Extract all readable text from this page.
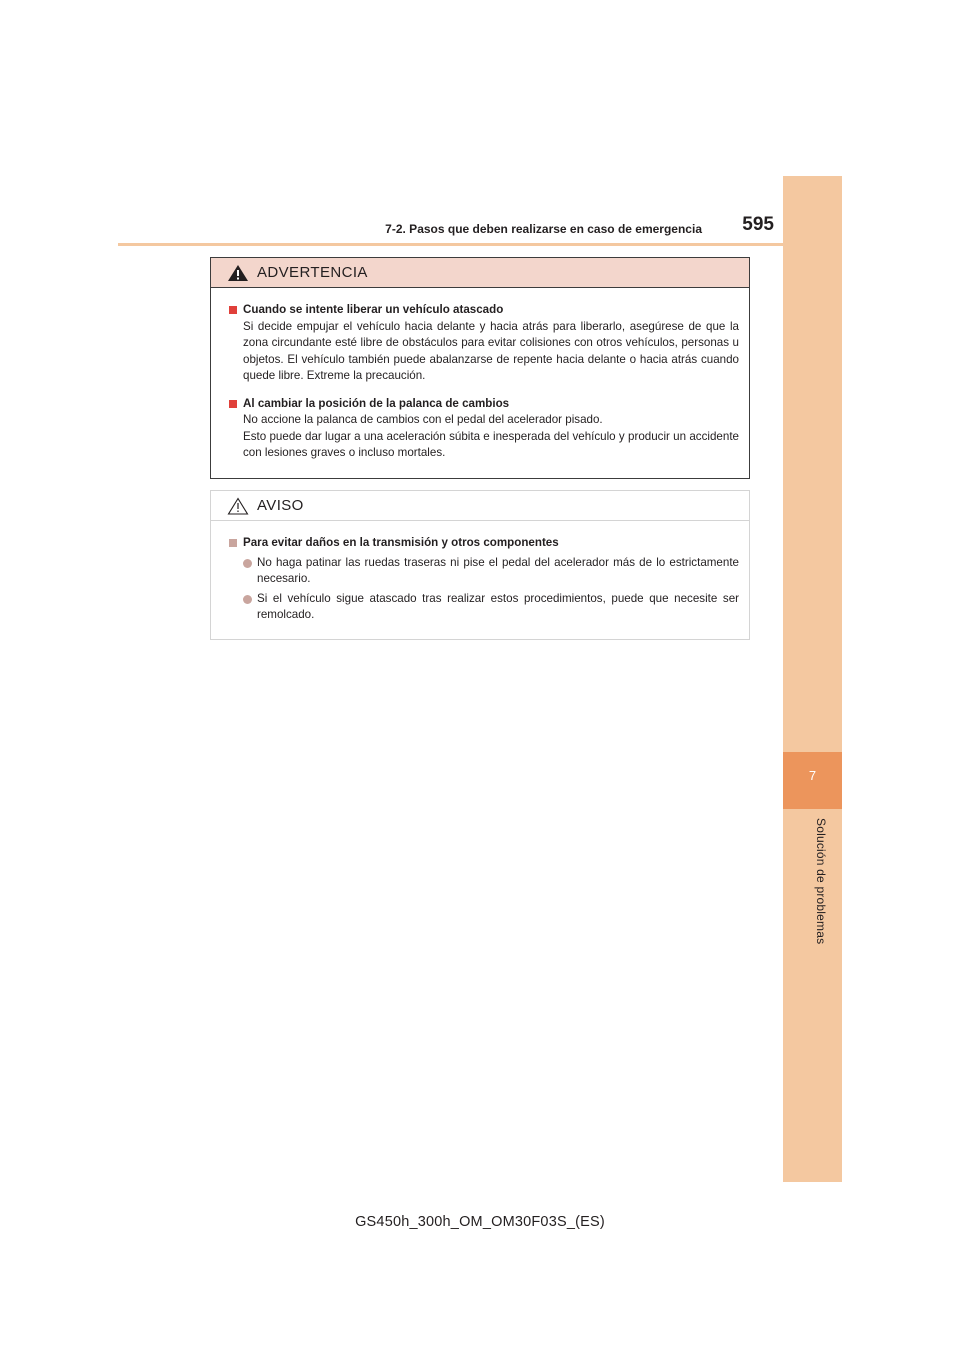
7
Solución de problemas
7-2. Pasos que deben realizarse en caso de emergencia	595
ADVERTENCIA
Cuando se intente liberar un vehículo atascado
Si decide empujar el vehículo hacia delante y hacia atrás para liberarlo, asegúrese de que la zona circundante esté libre de obstáculos para evitar colisiones con otros vehículos, personas u objetos. El vehículo también puede abalanzarse de repente hacia delante o hacia atrás cuando quede libre. Extreme la precaución.
Al cambiar la posición de la palanca de cambios
No accione la palanca de cambios con el pedal del acelerador pisado.
Esto puede dar lugar a una aceleración súbita e inesperada del vehículo y producir un accidente con lesiones graves o incluso mortales.
AVISO
Para evitar daños en la transmisión y otros componentes
No haga patinar las ruedas traseras ni pise el pedal del acelerador más de lo estrictamente necesario.
Si el vehículo sigue atascado tras realizar estos procedimientos, puede que necesite ser remolcado.
GS450h_300h_OM_OM30F03S_(ES)
